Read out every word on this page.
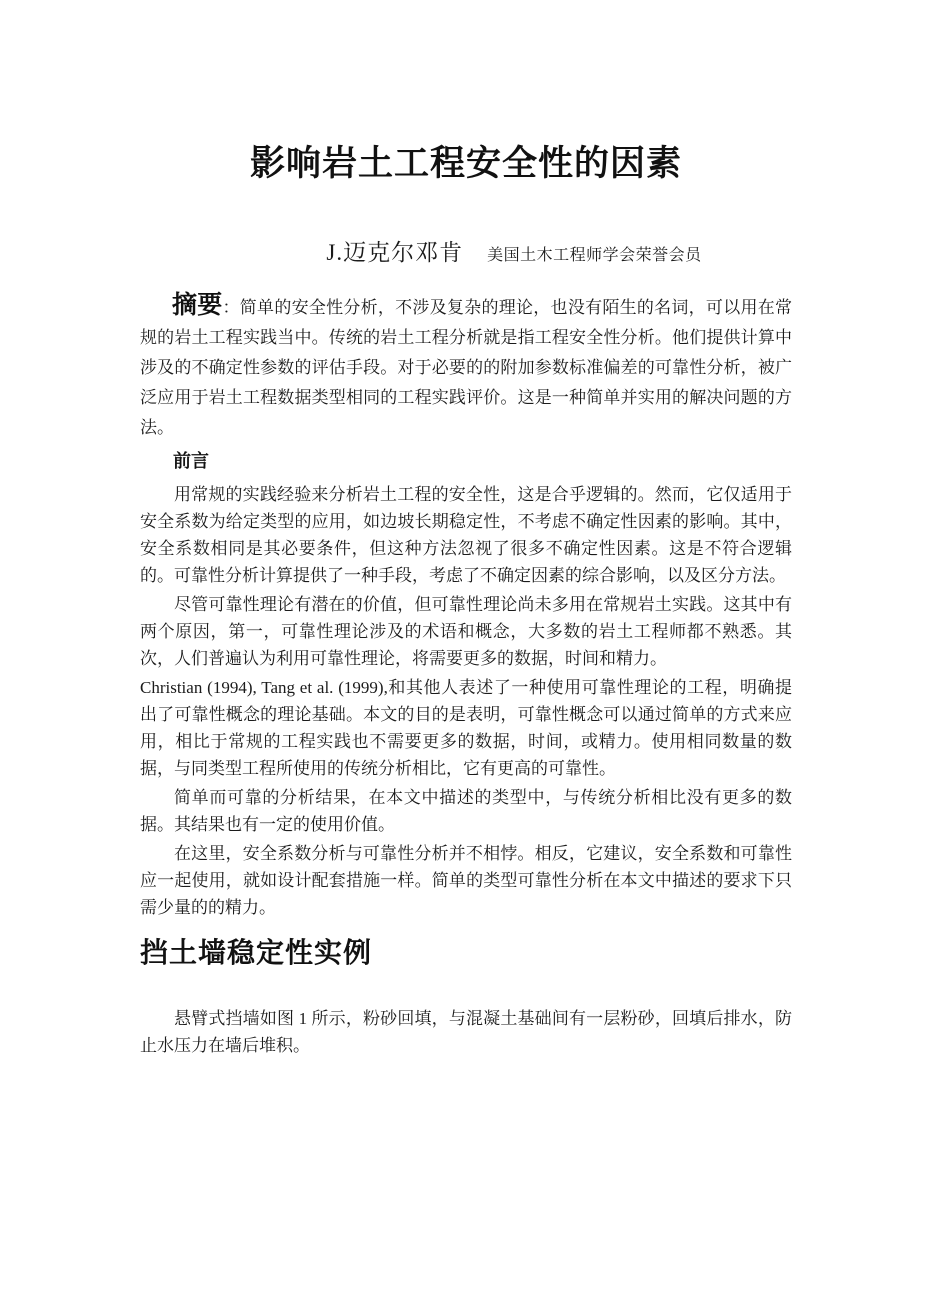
影响岩土工程安全性的因素
J.迈克尔邓肯 美国土木工程师学会荣誉会员

摘要：简单的安全性分析，不涉及复杂的理论，也没有陌生的名词，可以用在常规的岩土工程实践当中。传统的岩土工程分析就是指工程安全性分析。他们提供计算中涉及的不确定性参数的评估手段。对于必要的的附加参数标准偏差的可靠性分析，被广泛应用于岩土工程数据类型相同的工程实践评价。这是一种简单并实用的解决问题的方法。

前言

用常规的实践经验来分析岩土工程的安全性，这是合乎逻辑的。然而，它仅适用于安全系数为给定类型的应用，如边坡长期稳定性，不考虑不确定性因素的影响。其中，安全系数相同是其必要条件，但这种方法忽视了很多不确定性因素。这是不符合逻辑的。可靠性分析计算提供了一种手段，考虑了不确定因素的综合影响，以及区分方法。

尽管可靠性理论有潜在的价值，但可靠性理论尚未多用在常规岩土实践。这其中有两个原因，第一，可靠性理论涉及的术语和概念，大多数的岩土工程师都不熟悉。其次，人们普遍认为利用可靠性理论，将需要更多的数据，时间和精力。

Christian (1994), Tang et al. (1999),和其他人表述了一种使用可靠性理论的工程，明确提出了可靠性概念的理论基础。本文的目的是表明，可靠性概念可以通过简单的方式来应用，相比于常规的工程实践也不需要更多的数据，时间，或精力。使用相同数量的数据，与同类型工程所使用的传统分析相比，它有更高的可靠性。

简单而可靠的分析结果，在本文中描述的类型中，与传统分析相比没有更多的数据。其结果也有一定的使用价值。

在这里，安全系数分析与可靠性分析并不相悖。相反，它建议，安全系数和可靠性应一起使用，就如设计配套措施一样。简单的类型可靠性分析在本文中描述的要求下只需少量的的精力。

挡土墙稳定性实例

悬臂式挡墙如图 1 所示，粉砂回填，与混凝土基础间有一层粉砂，回填后排水，防止水压力在墙后堆积。
